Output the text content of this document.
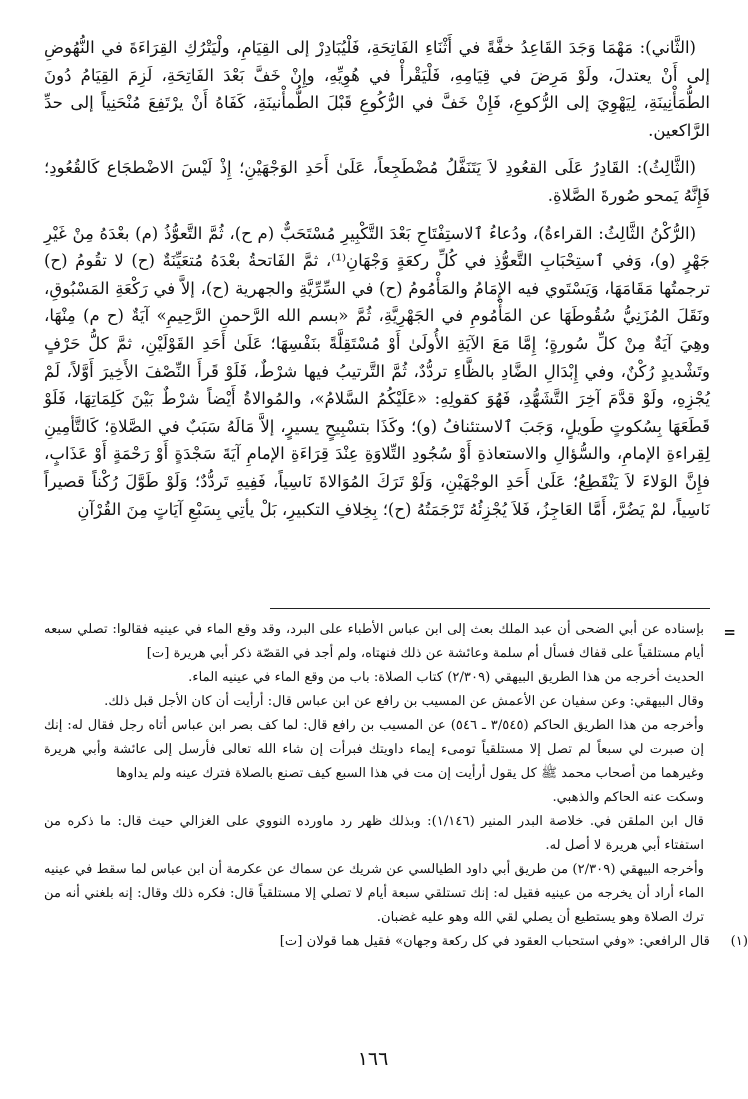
(الثَّاني): مَهْمَا وَجَدَ القَاعِدُ خفَّةً في أَثْنَاءِ الفَاتِحَةِ، فَلْيُبَادِرْ إلى القِيَامِ، ولْيَتْرُكِ القِرَاءَةَ في النُّهُوضِ إلى أَنْ يعتدلَ، ولَوْ مَرِضَ في قِيَامِهِ، فَلْيَقْرأْ في هُوِيِّهِ، وإِنْ خَفَّ بَعْدَ الفَاتِحَةِ، لَزِمَ القِيَامُ دُونَ الطُّمَأْنِينَةِ، لِيَهْوِيَ إلى الرُّكوعِ، فَإِنْ خَفَّ في الرُّكُوعِ قَبْلَ الطُّمأْنينَةِ، كَفَاهُ أَنْ يرْتَفِعَ مُنْحَنِياً إلى حدِّ الرَّاكعين.

(الثَّالِثُ): القَادِرُ عَلَى القعُودِ لاَ يَتَنَفَّلُ مُضْطَجِعاً، عَلَىٰ أَحَدِ الوَجْهَيْنِ؛ إِذْ لَيْسَ الاضْطجَاع كَالقُعُودِ؛ فَإِنَّهُ يَمحو صُورةَ الصَّلاةِ.

(الرُّكْنُ الثَّالِثُ: القراءةُ)، ودُعاءُ ٱلاستِفْتَاحِ بَعْدَ التَّكْبِيرِ مُسْتَحَبٌّ (م ح)، ثُمَّ التَّعوُّذُ (م) بعْدَهُ مِنْ غَيْرِ جَهْرٍ (و)، وَفي ٱستِحْبَابِ التَّعوُّذِ في كُلِّ ركعَةٍ وَجْهَانِ⁽¹⁾، ثمَّ الفَاتحةُ بعْدَهُ مُتعَيِّنَةٌ (ح) لا تقُومُ (ح) ترجمتُها مَقَامَهَا، وَيَسْتَوي فيه الإِمَامُ والمَأْمُومُ (ح) في السِّرِّيَّةِ والجهرية (ح)، إلاَّ في رَكْعَةِ المَسْبُوقِ، ونَقَلَ المُزَنِيُّ سُقُوطَهَا عن المَأْمُومِ في الجَهْرِيَّةِ، ثُمَّ «بسم الله الرَّحمنِ الرَّحِيمِ» آيَةٌ (ح م) مِنْهَا، وهِيَ آيَةٌ مِنْ كلِّ سُورةٍ؛ إِمَّا مَعَ الآيَةِ الأُولَىٰ أَوْ مُسْتَقِلَّةً بنَفْسِهَا؛ عَلَىٰ أَحَدِ القَوْلَيْنِ، ثمَّ كلُّ حَرْفٍ وتَشْديدٍ رُكْنٌ، وفي إِبْدَالِ الضَّادِ بالظَّاءِ تردُّدٌ، ثُمَّ التَّرتيبُ فيها شرْطٌ، فَلَوْ قَرأَ النِّصْفَ الأَخِيرَ أَوَّلاً، لَمْ يُجْزِهِ، ولَوْ قدَّمَ آخِرَ التَّشَهُّدِ، فَهُوَ كقولِهِ: «عَلَيْكُمُ السَّلامُ»، والمُوالاةُ أَيْضاً شرْطٌ بَيْنَ كَلِمَاتِهَا، فَلَوْ قَطَعَهَا بِسُكوتٍ طَويلٍ، وَجَبَ ٱلاستئنافُ (و)؛ وكَذَا بتسْبِيحٍ يسيرٍ، إلاَّ مَالَهُ سَبَبٌ في الصَّلاةِ؛ كَالتَّأمِينِ لِقِراءةِ الإمامِ، والسُّؤالِ والاستعاذةِ أَوْ سُجُودِ التِّلاوَةِ عِنْدَ قِرَاءَةِ الإمامِ آيَةَ سَجْدَةٍ أَوْ رَحْمَةٍ أَوْ عَذَابٍ، فإِنَّ الوَلاءَ لاَ يَنْقَطِعُ؛ عَلَىٰ أَحَدِ الوجْهَيْنِ، وَلَوْ تَرَكَ المُوَالاةَ نَاسِياً، فَفِيهِ تَردُّدٌ؛ وَلَوْ طَوَّلَ رُكْناً قصيراً نَاسِياً، لمْ يَضُرَّ، أَمَّا العَاجِزُ، فَلاَ يُجْزِئُهُ تَرْجَمَتُهُ (ح)؛ بِخِلافِ التكبيرِ، بَلْ يأتِي بِسَبْعِ آيَاتٍ مِنَ القُرْآنِ

=

بإسناده عن أبي الضحى أن عبد الملك بعث إلى ابن عباس الأطباء على البرد، وقد وقع الماء في عينيه فقالوا: تصلي سبعه أيام مستلقياً على قفاك فسأل أم سلمة وعائشة عن ذلك فنهتاه، ولم أجد في القصّة ذكر أبي هريرة [ت]

الحديث أخرجه من هذا الطريق البيهقي (٢/٣٠٩) كتاب الصلاة: باب من وقع الماء في عينيه الماء.

وقال البيهقي: وعن سفيان عن الأعمش عن المسيب بن رافع عن ابن عباس قال: أرأيت أن كان الأجل قبل ذلك.

وأخرجه من هذا الطريق الحاكم (٣/٥٤٥ ـ ٥٤٦) عن المسيب بن رافع قال: لما كف بصر ابن عباس أتاه رجل فقال له: إنك إن صبرت لي سبعاً لم تصل إلا مستلقياً تومىء إيماء داويتك فبرأت إن شاء الله تعالى فأرسل إلى عائشة وأبي هريرة وغيرهما من أصحاب محمد ﷺ كل يقول أرأيت إن مت في هذا السبع كيف تصنع بالصلاة فترك عينه ولم يداوها

وسكت عنه الحاكم والذهبي.

قال ابن الملقن في. خلاصة البدر المنير (١/١٤٦): وبذلك ظهر رد ماورده النووي على الغزالي حيث قال: ما ذكره من استفتاء أبي هريرة لا أصل له.

وأخرجه البيهقي (٢/٣٠٩) من طريق أبي داود الطيالسي عن شريك عن سماك عن عكرمة أن ابن عباس لما سقط في عينيه الماء أراد أن يخرجه من عينيه فقيل له: إنك تستلقي سبعة أيام لا تصلي إلا مستلقياً قال: فكره ذلك وقال: إنه بلغني أنه من ترك الصلاة وهو يستطيع أن يصلي لقي الله وهو عليه غضبان.

(١)

قال الرافعي: «وفي استحباب العقود في كل ركعة وجهان» فقيل هما قولان [ت]

١٦٦
